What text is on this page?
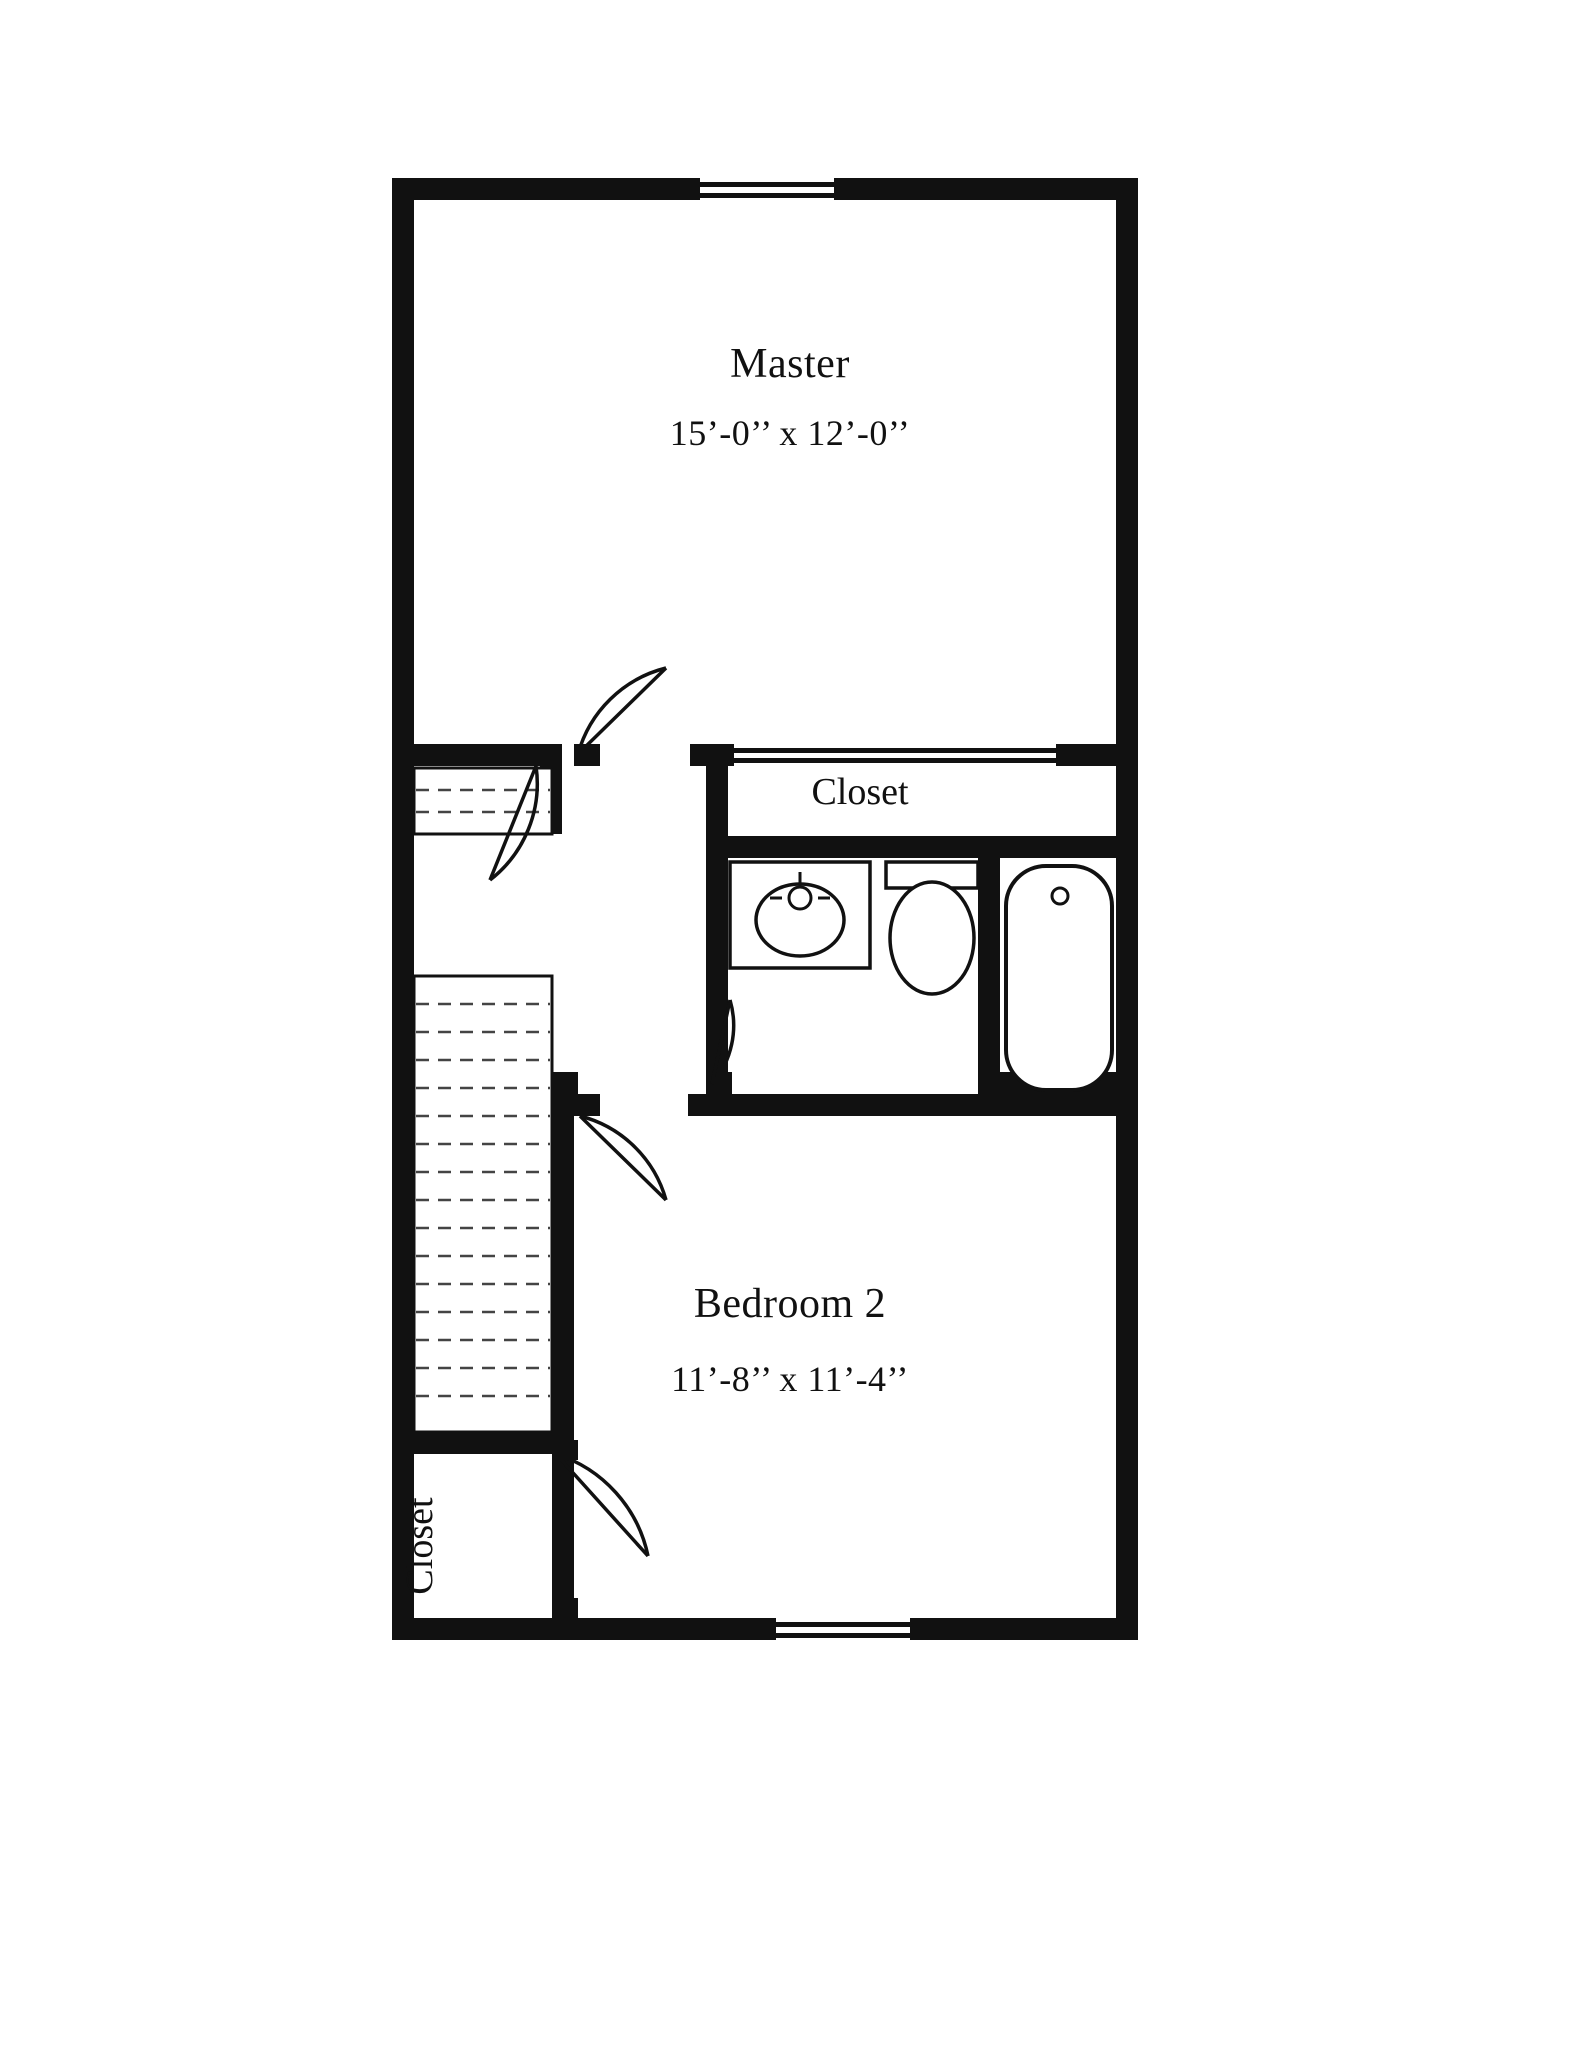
Master
15’-0’’ x 12’-0’’
Closet
Bedroom 2
11’-8’’ x 11’-4’’
Closet
